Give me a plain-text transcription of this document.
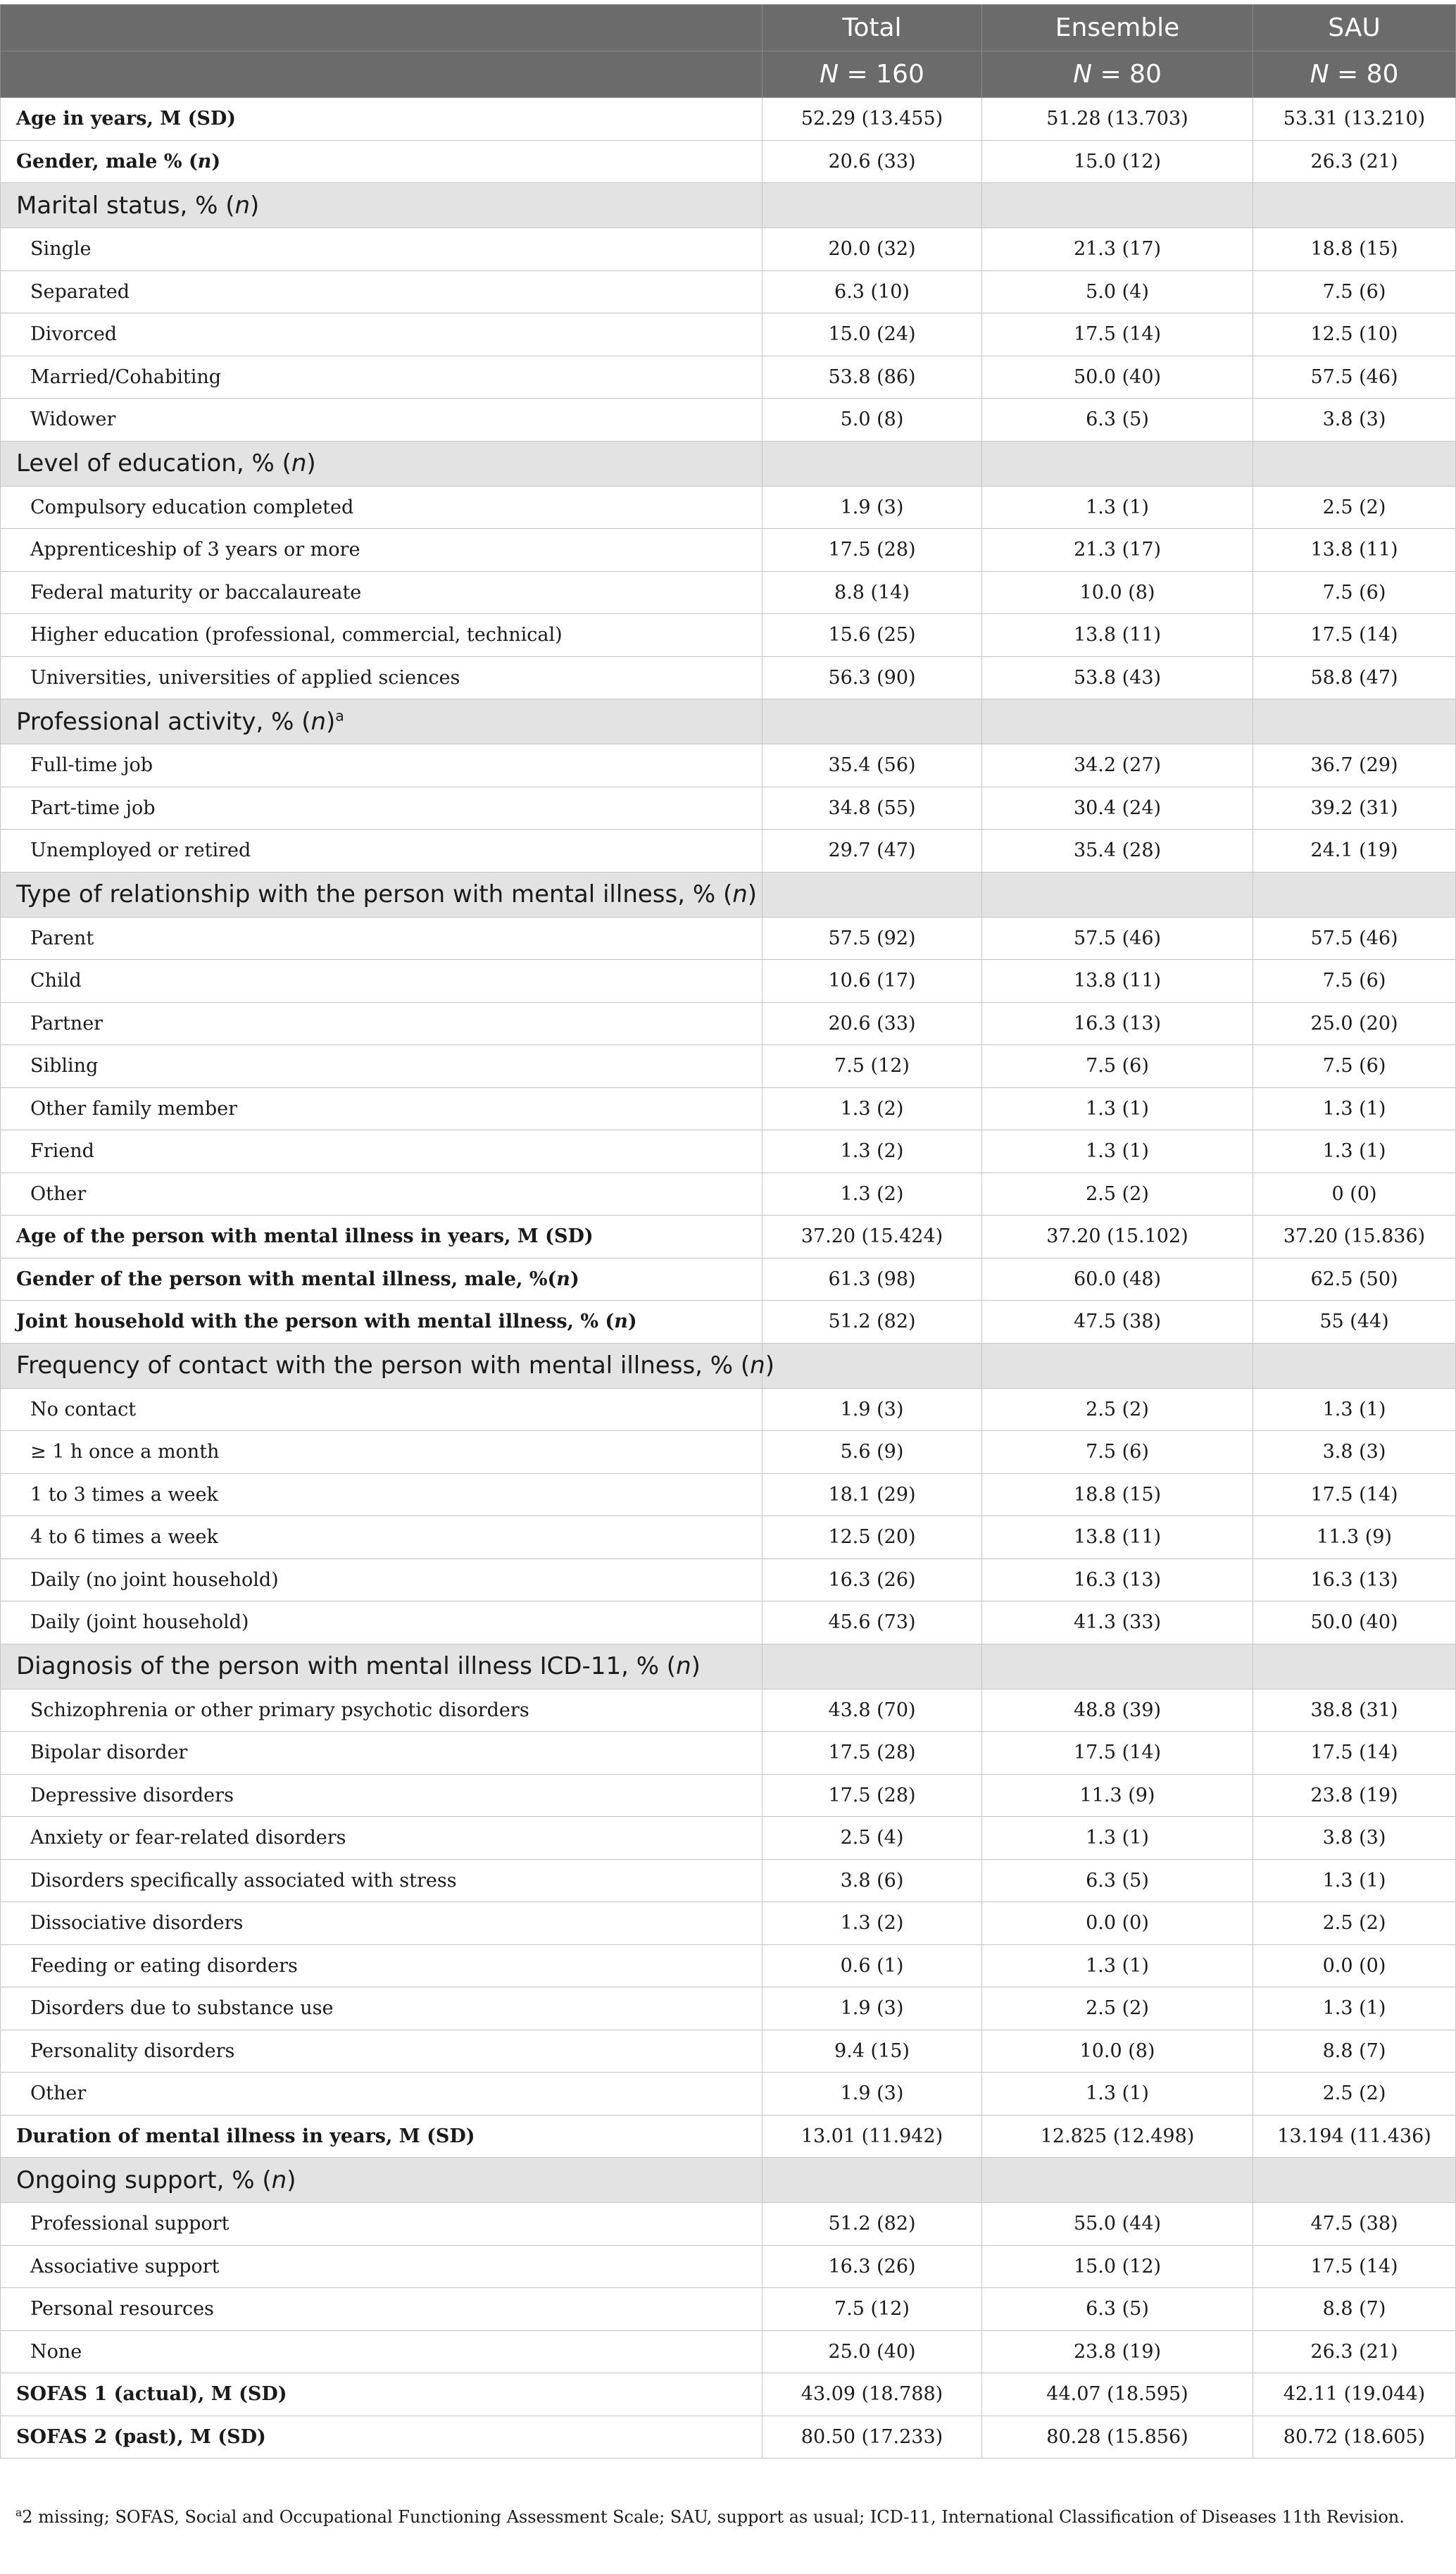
	Total	Ensemble	SAU
	N = 160	N = 80	N = 80
Age in years, M (SD)	52.29 (13.455)	51.28 (13.703)	53.31 (13.210)
Gender, male % (n)	20.6 (33)	15.0 (12)	26.3 (21)
Marital status, % (n)			
Single	20.0 (32)	21.3 (17)	18.8 (15)
Separated	6.3 (10)	5.0 (4)	7.5 (6)
Divorced	15.0 (24)	17.5 (14)	12.5 (10)
Married/Cohabiting	53.8 (86)	50.0 (40)	57.5 (46)
Widower	5.0 (8)	6.3 (5)	3.8 (3)
Level of education, % (n)			
Compulsory education completed	1.9 (3)	1.3 (1)	2.5 (2)
Apprenticeship of 3 years or more	17.5 (28)	21.3 (17)	13.8 (11)
Federal maturity or baccalaureate	8.8 (14)	10.0 (8)	7.5 (6)
Higher education (professional, commercial, technical)	15.6 (25)	13.8 (11)	17.5 (14)
Universities, universities of applied sciences	56.3 (90)	53.8 (43)	58.8 (47)
Professional activity, % $(n)^a$			
Full-time job	35.4 (56)	34.2 (27)	36.7 (29)
Part-time job	34.8 (55)	30.4 (24)	39.2 (31)
Unemployed or retired	29.7 (47)	35.4 (28)	24.1 (19)
Type of relationship with the person with mental illness, % (n)			
Parent	57.5 (92)	57.5 (46)	57.5 (46)
Child	10.6 (17)	13.8 (11)	7.5 (6)
Partner	20.6 (33)	16.3 (13)	25.0 (20)
Sibling	7.5 (12)	7.5 (6)	7.5 (6)
Other family member	1.3 (2)	1.3 (1)	1.3 (1)
Friend	1.3 (2)	1.3 (1)	1.3 (1)
Other	1.3 (2)	2.5 (2)	0 (0)
Age of the person with mental illness in years, M (SD)	37.20 (15.424)	37.20 (15.102)	37.20 (15.836)
Gender of the person with mental illness, male, %(n)	61.3 (98)	60.0 (48)	62.5 (50)
Joint household with the person with mental illness, % (n)	51.2 (82)	47.5 (38)	55 (44)
Frequency of contact with the person with mental illness, % (n)			
No contact	1.9 (3)	2.5 (2)	1.3 (1)
≥ 1 h once a month	5.6 (9)	7.5 (6)	3.8 (3)
1 to 3 times a week	18.1 (29)	18.8 (15)	17.5 (14)
4 to 6 times a week	12.5 (20)	13.8 (11)	11.3 (9)
Daily (no joint household)	16.3 (26)	16.3 (13)	16.3 (13)
Daily (joint household)	45.6 (73)	41.3 (33)	50.0 (40)
Diagnosis of the person with mental illness ICD-11, % (n)			
Schizophrenia or other primary psychotic disorders	43.8 (70)	48.8 (39)	38.8 (31)
Bipolar disorder	17.5 (28)	17.5 (14)	17.5 (14)
Depressive disorders	17.5 (28)	11.3 (9)	23.8 (19)
Anxiety or fear-related disorders	2.5 (4)	1.3 (1)	3.8 (3)
Disorders specifically associated with stress	3.8 (6)	6.3 (5)	1.3 (1)
Dissociative disorders	1.3 (2)	0.0 (0)	2.5 (2)
Feeding or eating disorders	0.6 (1)	1.3 (1)	0.0 (0)
Disorders due to substance use	1.9 (3)	2.5 (2)	1.3 (1)
Personality disorders	9.4 (15)	10.0 (8)	8.8 (7)
Other	1.9 (3)	1.3 (1)	2.5 (2)
Duration of mental illness in years, M (SD)	13.01 (11.942)	12.825 (12.498)	13.194 (11.436)
Ongoing support, % (n)			
Professional support	51.2 (82)	55.0 (44)	47.5 (38)
Associative support	16.3 (26)	15.0 (12)	17.5 (14)
Personal resources	7.5 (12)	6.3 (5)	8.8 (7)
None	25.0 (40)	23.8 (19)	26.3 (21)
SOFAS 1 (actual), M (SD)	43.09 (18.788)	44.07 (18.595)	42.11 (19.044)
SOFAS 2 (past), M (SD)	80.50 (17.233)	80.28 (15.856)	80.72 (18.605)
$^a$2 missing; SOFAS, Social and Occupational Functioning Assessment Scale; SAU, support as usual; ICD-11, International Classification of Diseases 11th Revision.
